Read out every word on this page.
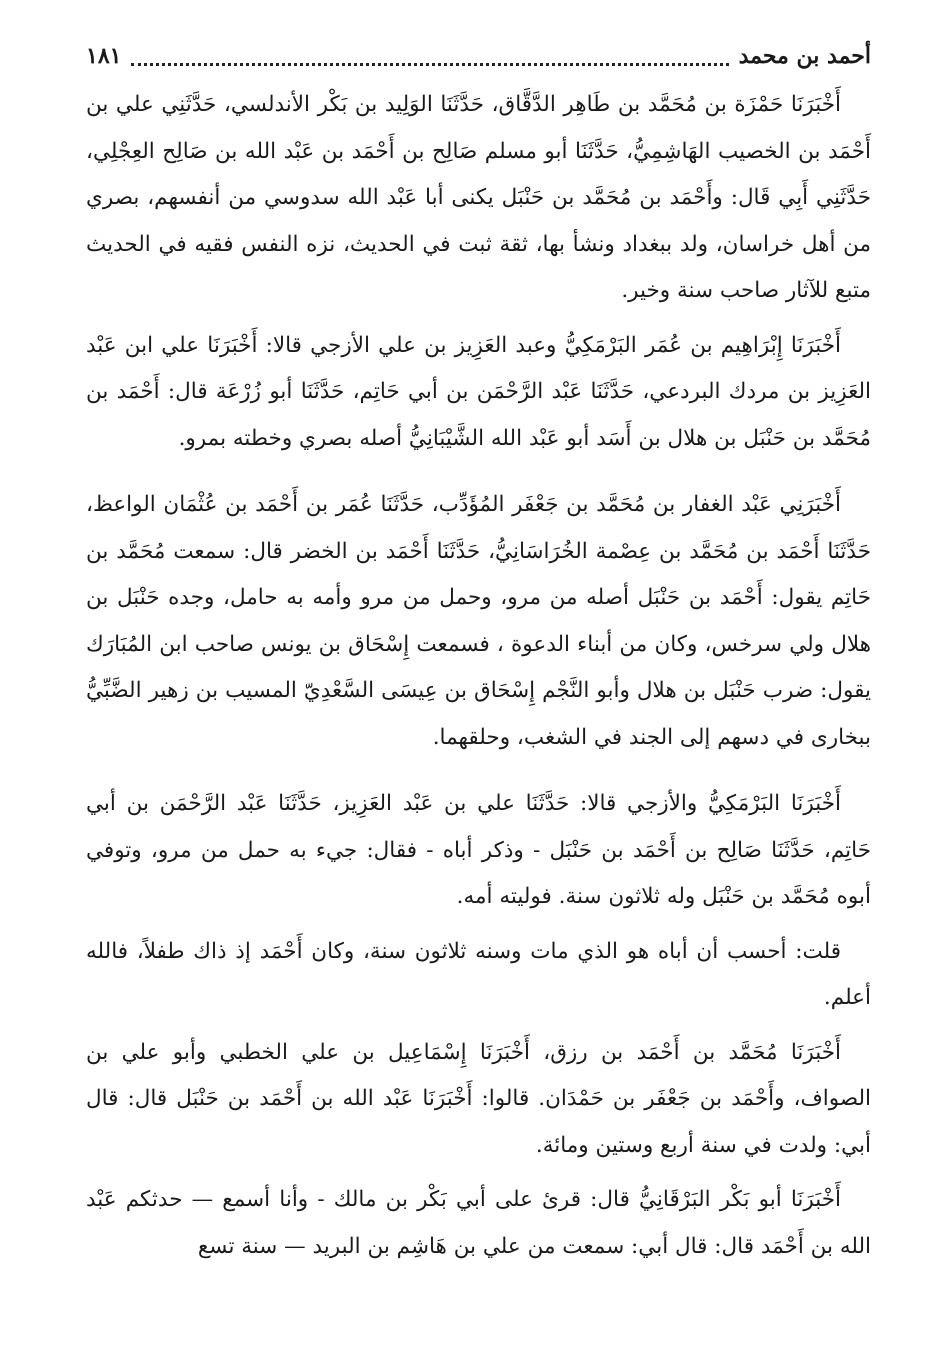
أحمد بن محمد
١٨١

أَخْبَرَنَا حَمْزَة بن مُحَمَّد بن طَاهِر الدَّقَّاق، حَدَّثَنَا الوَلِيد بن بَكْر الأندلسي، حَدَّثَنِي علي بن أَحْمَد بن الخصيب الهَاشِمِيُّ، حَدَّثَنَا أبو مسلم صَالِح بن أَحْمَد بن عَبْد الله بن صَالِح العِجْلِي، حَدَّثَنِي أَبِي قَال: وأَحْمَد بن مُحَمَّد بن حَنْبَل يكنى أبا عَبْد الله سدوسي من أنفسهم، بصري من أهل خراسان، ولد ببغداد ونشأ بها، ثقة ثبت في الحديث، نزه النفس فقيه في الحديث متبع للآثار صاحب سنة وخير.

أَخْبَرَنَا إِبْرَاهِيم بن عُمَر البَرْمَكِيُّ وعبد العَزِيز بن علي الأزجي قالا: أَخْبَرَنَا علي ابن عَبْد العَزِيز بن مردك البردعي، حَدَّثَنَا عَبْد الرَّحْمَن بن أبي حَاتِم، حَدَّثَنَا أبو زُرْعَة قال: أَحْمَد بن مُحَمَّد بن حَنْبَل بن هلال بن أَسَد أبو عَبْد الله الشَّيْبَانِيُّ أصله بصري وخطته بمرو.

أَخْبَرَنِي عَبْد الغفار بن مُحَمَّد بن جَعْفَر المُؤَدِّب، حَدَّثَنَا عُمَر بن أَحْمَد بن عُثْمَان الواعظ، حَدَّثَنَا أَحْمَد بن مُحَمَّد بن عِصْمة الخُرَاسَانِيُّ، حَدَّثَنَا أَحْمَد بن الخضر قال: سمعت مُحَمَّد بن حَاتِم يقول: أَحْمَد بن حَنْبَل أصله من مرو، وحمل من مرو وأمه به حامل، وجده حَنْبَل بن هلال ولي سرخس، وكان من أبناء الدعوة ، فسمعت إِسْحَاق بن يونس صاحب ابن المُبَارَك يقول: ضرب حَنْبَل بن هلال وأبو النَّجْم إِسْحَاق بن عِيسَى السَّعْدِيّ المسيب بن زهير الضَّبِّيُّ ببخارى في دسهم إلى الجند في الشغب، وحلقهما.

أَخْبَرَنَا البَرْمَكِيُّ والأزجي قالا: حَدَّثَنَا علي بن عَبْد العَزِيز، حَدَّثَنَا عَبْد الرَّحْمَن بن أبي حَاتِم، حَدَّثَنَا صَالِح بن أَحْمَد بن حَنْبَل - وذكر أباه - فقال: جيء به حمل من مرو، وتوفي أبوه مُحَمَّد بن حَنْبَل وله ثلاثون سنة. فوليته أمه.

قلت: أحسب أن أباه هو الذي مات وسنه ثلاثون سنة، وكان أَحْمَد إذ ذاك طفلاً، فالله أعلم.

أَخْبَرَنَا مُحَمَّد بن أَحْمَد بن رزق، أَخْبَرَنَا إِسْمَاعِيل بن علي الخطبي وأبو علي بن الصواف، وأَحْمَد بن جَعْفَر بن حَمْدَان. قالوا: أَخْبَرَنَا عَبْد الله بن أَحْمَد بن حَنْبَل قال: قال أبي: ولدت في سنة أربع وستين ومائة.

أَخْبَرَنَا أبو بَكْر البَرْقَانِيُّ قال: قرئ على أبي بَكْر بن مالك - وأنا أسمع — حدثكم عَبْد الله بن أَحْمَد قال: قال أبي: سمعت من علي بن هَاشِم بن البريد — سنة تسع
